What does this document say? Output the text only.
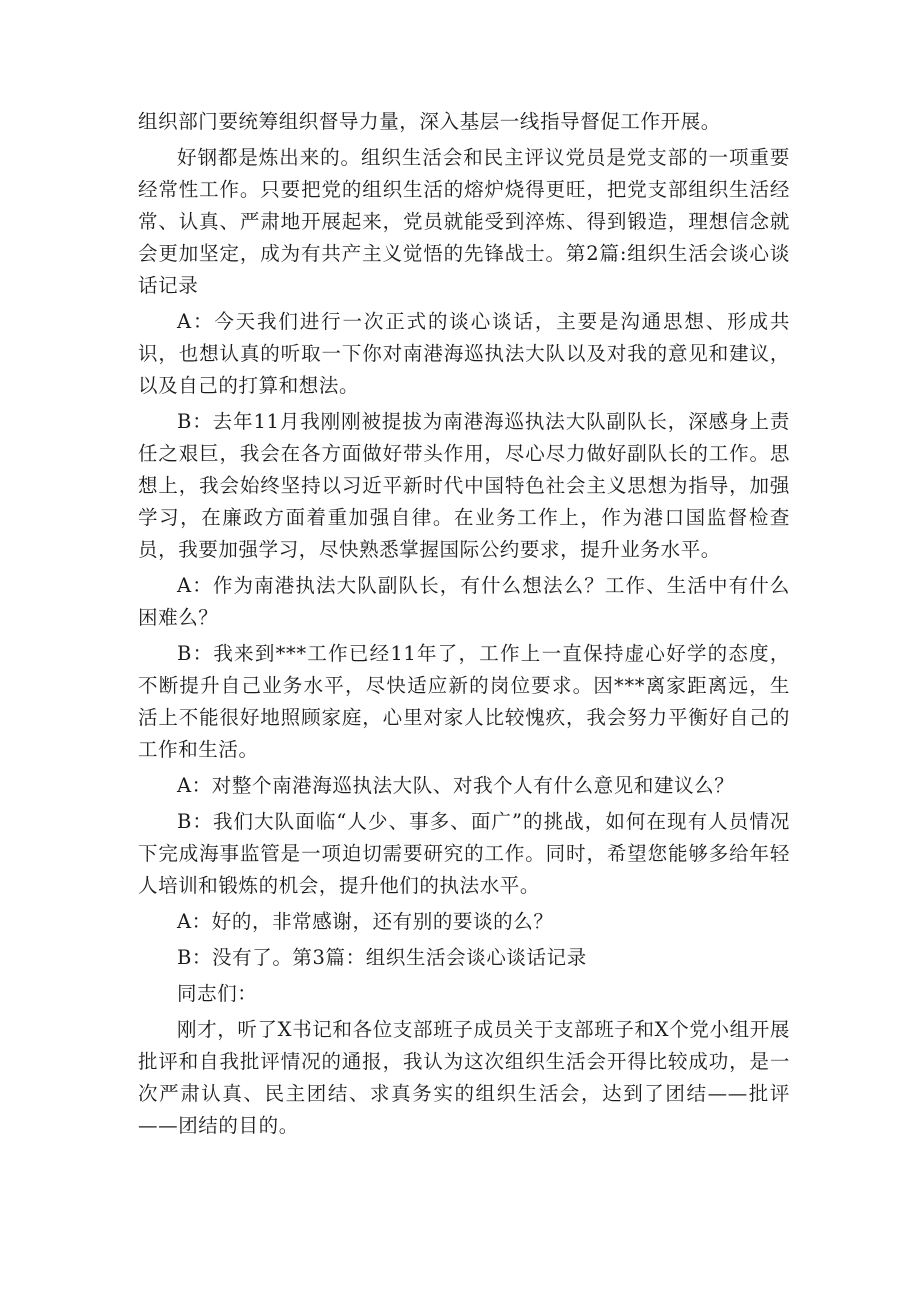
组织部门要统筹组织督导力量，深入基层一线指导督促工作开展。

好钢都是炼出来的。组织生活会和民主评议党员是党支部的一项重要经常性工作。只要把党的组织生活的熔炉烧得更旺，把党支部组织生活经常、认真、严肃地开展起来，党员就能受到淬炼、得到锻造，理想信念就会更加坚定，成为有共产主义觉悟的先锋战士。第2篇:组织生活会谈心谈话记录

A：今天我们进行一次正式的谈心谈话，主要是沟通思想、形成共识，也想认真的听取一下你对南港海巡执法大队以及对我的意见和建议，以及自己的打算和想法。

B：去年11月我刚刚被提拔为南港海巡执法大队副队长，深感身上责任之艰巨，我会在各方面做好带头作用，尽心尽力做好副队长的工作。思想上，我会始终坚持以习近平新时代中国特色社会主义思想为指导，加强学习，在廉政方面着重加强自律。在业务工作上，作为港口国监督检查员，我要加强学习，尽快熟悉掌握国际公约要求，提升业务水平。

A：作为南港执法大队副队长，有什么想法么？工作、生活中有什么困难么？

B：我来到***工作已经11年了，工作上一直保持虚心好学的态度，不断提升自己业务水平，尽快适应新的岗位要求。因***离家距离远，生活上不能很好地照顾家庭，心里对家人比较愧疚，我会努力平衡好自己的工作和生活。

A：对整个南港海巡执法大队、对我个人有什么意见和建议么？

B：我们大队面临“人少、事多、面广”的挑战，如何在现有人员情况下完成海事监管是一项迫切需要研究的工作。同时，希望您能够多给年轻人培训和锻炼的机会，提升他们的执法水平。

A：好的，非常感谢，还有别的要谈的么？

B：没有了。第3篇：组织生活会谈心谈话记录

同志们：

刚才，听了X书记和各位支部班子成员关于支部班子和X个党小组开展批评和自我批评情况的通报，我认为这次组织生活会开得比较成功，是一次严肃认真、民主团结、求真务实的组织生活会，达到了团结——批评——团结的目的。
